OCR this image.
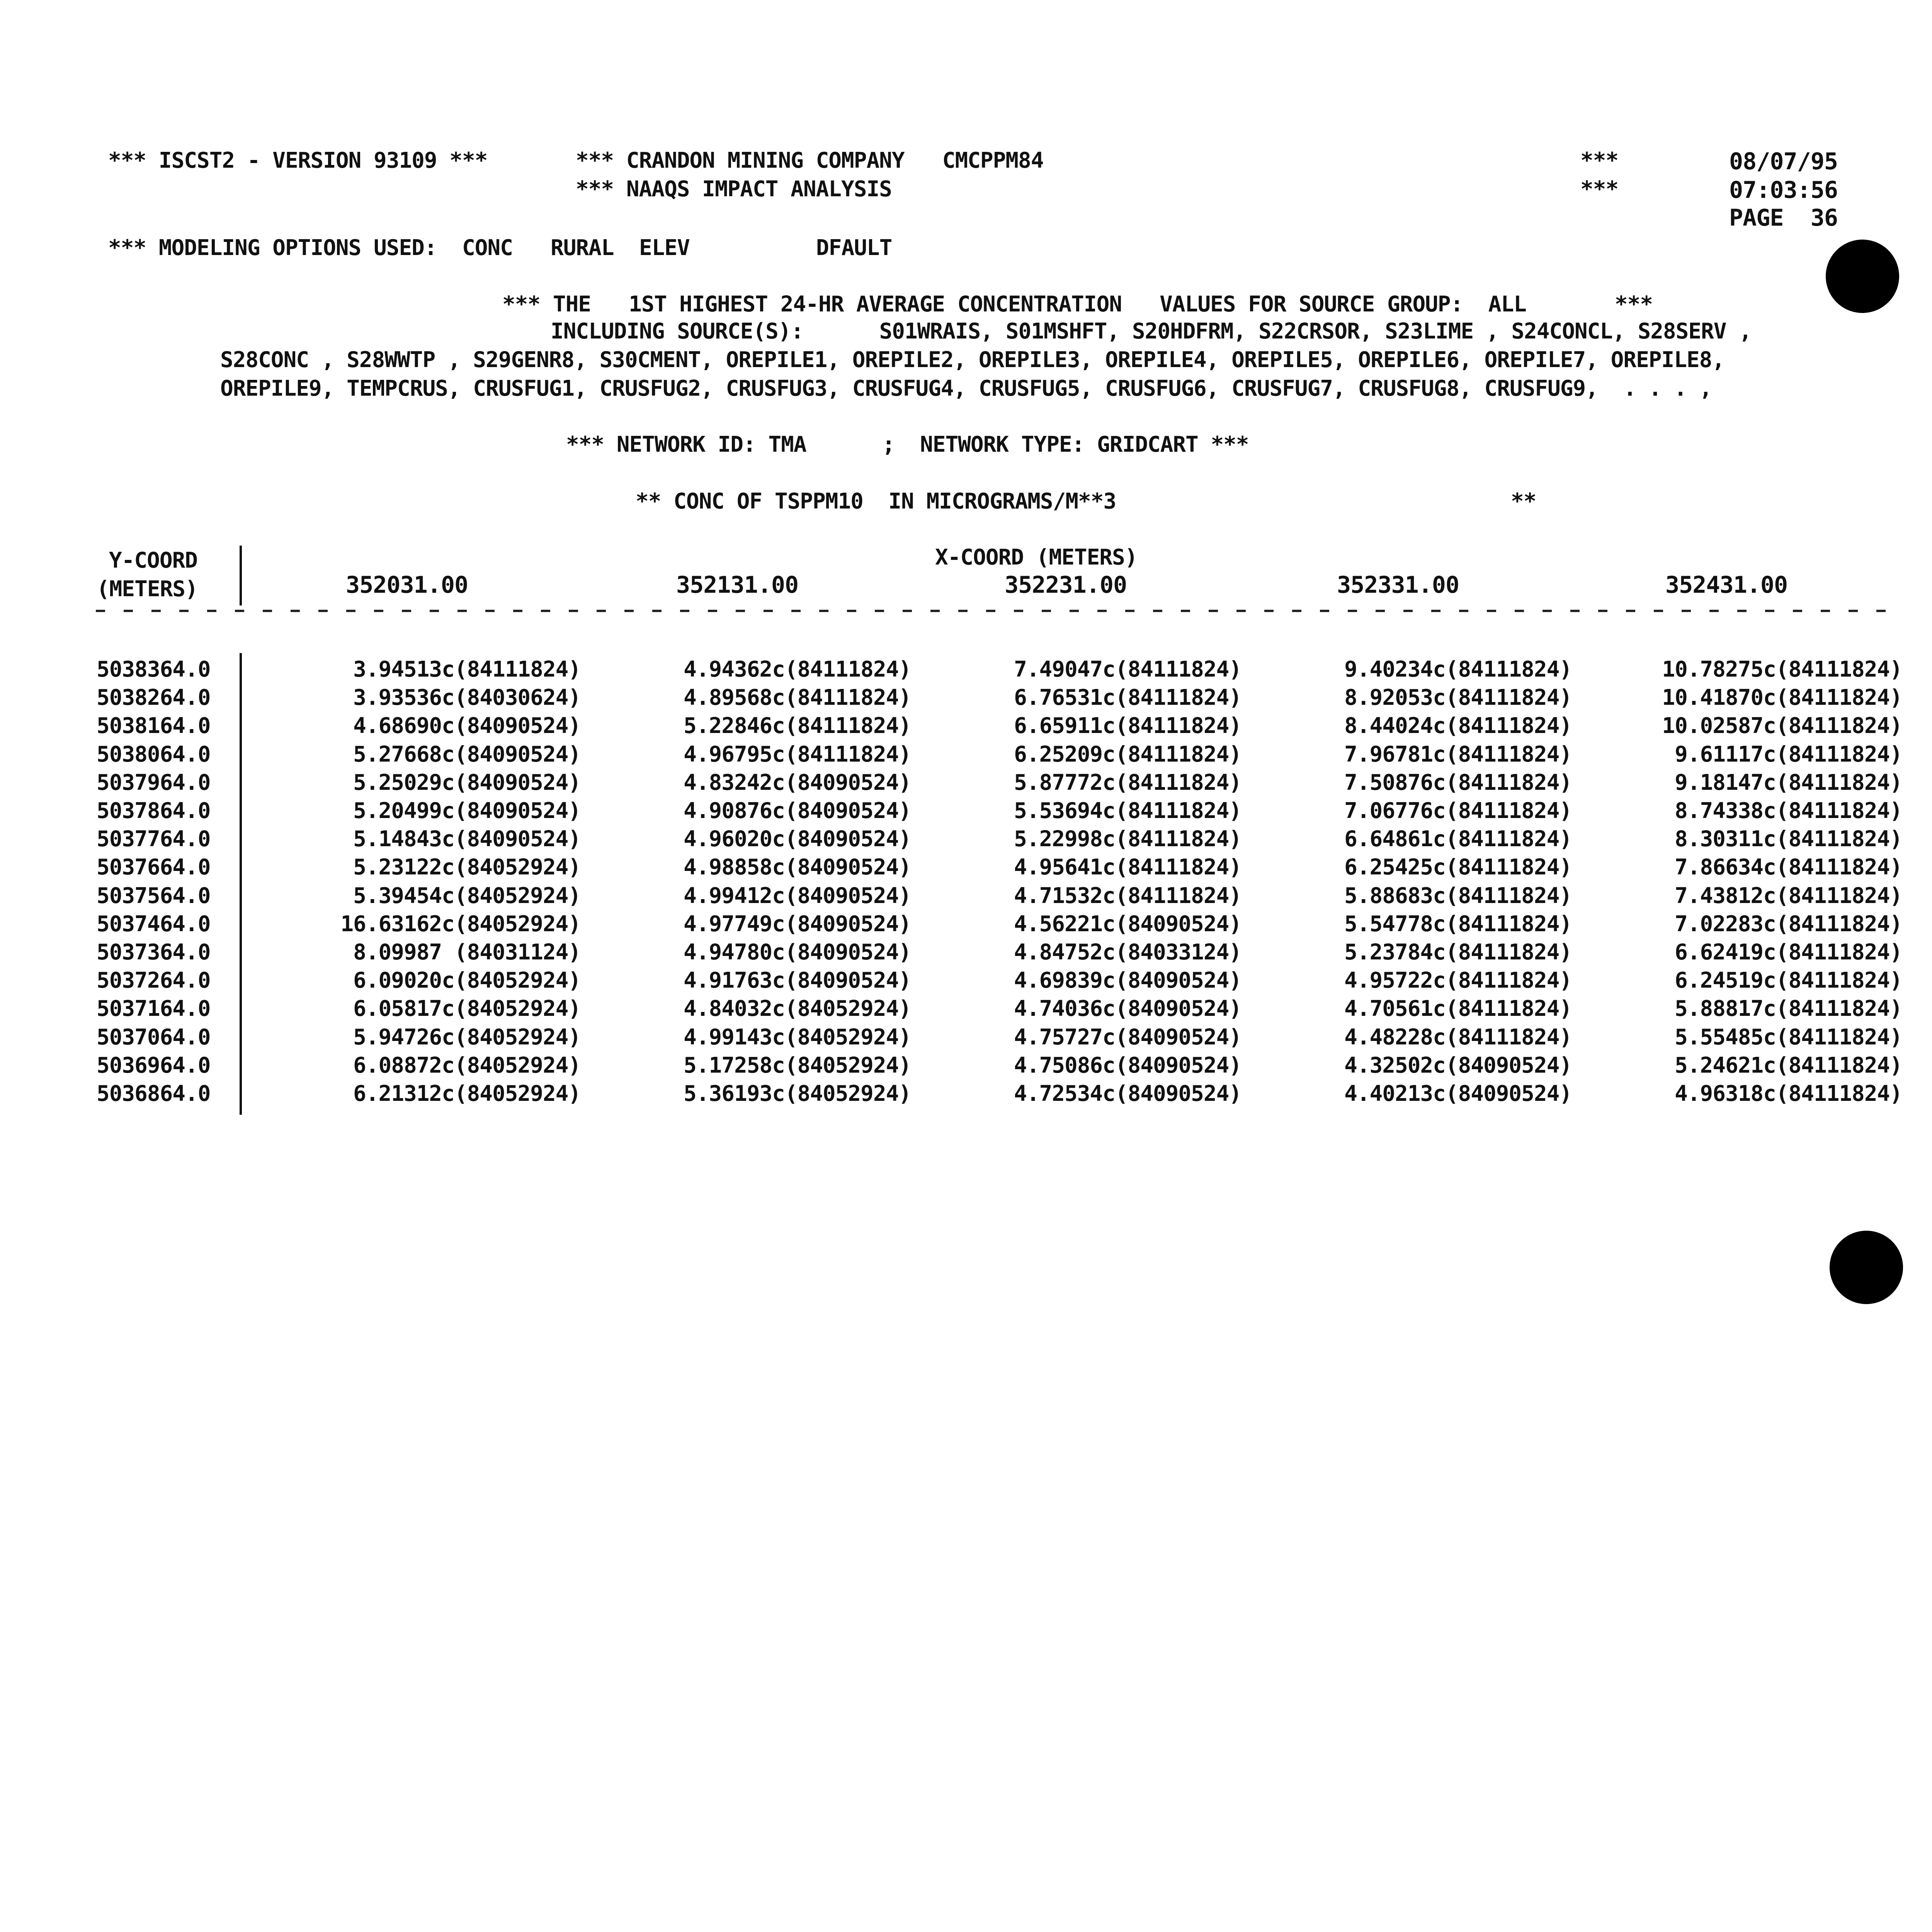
*** ISCST2 - VERSION 93109 ***	*** CRANDON MINING COMPANY   CMCPPM84
*** NAAQS IMPACT ANALYSIS
***
***
08/07/95
07:03:56
PAGE  36
*** MODELING OPTIONS USED:  CONC   RURAL  ELEV          DFAULT
*** THE   1ST HIGHEST 24-HR AVERAGE CONCENTRATION   VALUES FOR SOURCE GROUP:  ALL       ***
INCLUDING SOURCE(S):      S01WRAIS, S01MSHFT, S20HDFRM, S22CRSOR, S23LIME , S24CONCL, S28SERV ,
S28CONC , S28WWTP , S29GENR8, S30CMENT, OREPILE1, OREPILE2, OREPILE3, OREPILE4, OREPILE5, OREPILE6, OREPILE7, OREPILE8,
OREPILE9, TEMPCRUS, CRUSFUG1, CRUSFUG2, CRUSFUG3, CRUSFUG4, CRUSFUG5, CRUSFUG6, CRUSFUG7, CRUSFUG8, CRUSFUG9,  . . . ,
*** NETWORK ID: TMA      ;  NETWORK TYPE: GRIDCART ***
** CONC OF TSPPM10  IN MICROGRAMS/M**3	**
Y-COORD
(METERS)
X-COORD (METERS)
352031.00	352131.00	352231.00	352331.00	352431.00
5038364.0	3.94513c(84111824)	4.94362c(84111824)	7.49047c(84111824)	9.40234c(84111824)	10.78275c(84111824)
5038264.0	3.93536c(84030624)	4.89568c(84111824)	6.76531c(84111824)	8.92053c(84111824)	10.41870c(84111824)
5038164.0	4.68690c(84090524)	5.22846c(84111824)	6.65911c(84111824)	8.44024c(84111824)	10.02587c(84111824)
5038064.0	5.27668c(84090524)	4.96795c(84111824)	6.25209c(84111824)	7.96781c(84111824)	9.61117c(84111824)
5037964.0	5.25029c(84090524)	4.83242c(84090524)	5.87772c(84111824)	7.50876c(84111824)	9.18147c(84111824)
5037864.0	5.20499c(84090524)	4.90876c(84090524)	5.53694c(84111824)	7.06776c(84111824)	8.74338c(84111824)
5037764.0	5.14843c(84090524)	4.96020c(84090524)	5.22998c(84111824)	6.64861c(84111824)	8.30311c(84111824)
5037664.0	5.23122c(84052924)	4.98858c(84090524)	4.95641c(84111824)	6.25425c(84111824)	7.86634c(84111824)
5037564.0	5.39454c(84052924)	4.99412c(84090524)	4.71532c(84111824)	5.88683c(84111824)	7.43812c(84111824)
5037464.0	16.63162c(84052924)	4.97749c(84090524)	4.56221c(84090524)	5.54778c(84111824)	7.02283c(84111824)
5037364.0	8.09987 (84031124)	4.94780c(84090524)	4.84752c(84033124)	5.23784c(84111824)	6.62419c(84111824)
5037264.0	6.09020c(84052924)	4.91763c(84090524)	4.69839c(84090524)	4.95722c(84111824)	6.24519c(84111824)
5037164.0	6.05817c(84052924)	4.84032c(84052924)	4.74036c(84090524)	4.70561c(84111824)	5.88817c(84111824)
5037064.0	5.94726c(84052924)	4.99143c(84052924)	4.75727c(84090524)	4.48228c(84111824)	5.55485c(84111824)
5036964.0	6.08872c(84052924)	5.17258c(84052924)	4.75086c(84090524)	4.32502c(84090524)	5.24621c(84111824)
5036864.0	6.21312c(84052924)	5.36193c(84052924)	4.72534c(84090524)	4.40213c(84090524)	4.96318c(84111824)
